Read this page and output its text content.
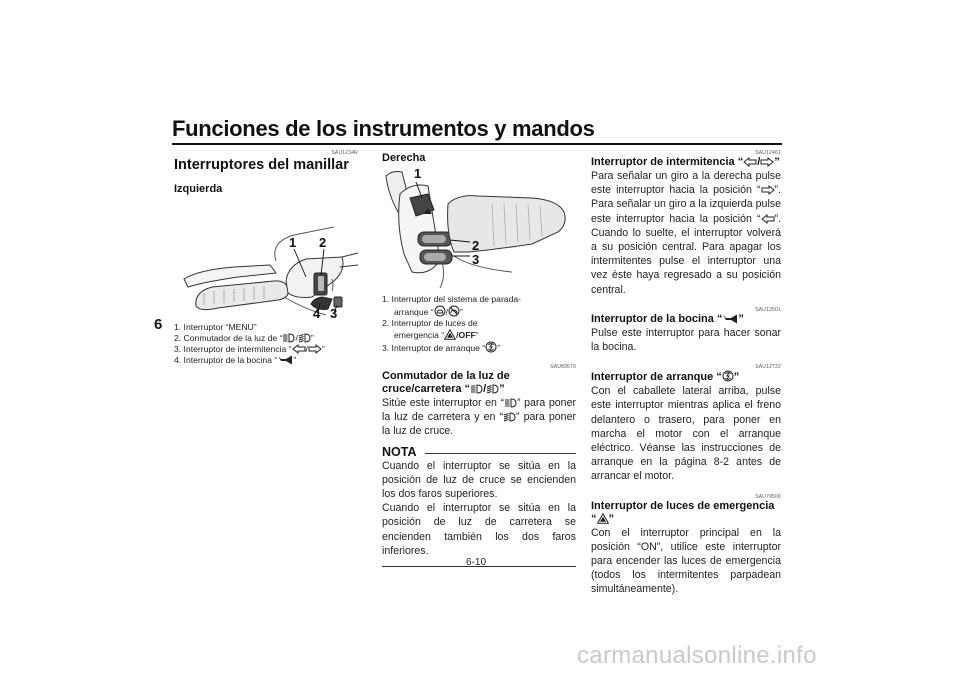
Funciones de los instrumentos y mandos
6
SAU1234R
Interruptores del manillar
Izquierda
1 2
4 3
1. Interruptor “MENU”
2. Conmutador de la luz de “ / ”
3. Interruptor de intermitencia “ / ”
4. Interruptor de la bocina “ ”
Derecha
1
2
3
1. Interruptor del sistema de parada-
arranque “ / ”
2. Interruptor de luces de
emergencia “ /OFF”
3. Interruptor de arranque “ ”
SAU89570
Conmutador de la luz de
cruce/carretera “ / ”
Sitúe este interruptor en “ ” para poner la luz de carretera y en “ ” para poner la luz de cruce.
NOTA
Cuando el interruptor se sitúa en la posición de luz de cruce se encienden los dos faros superiores.
Cuando el interruptor se sitúa en la posición de luz de carretera se encienden también los dos faros inferiores.
SAU12461
Interruptor de intermitencia “ / ”
Para señalar un giro a la derecha pulse este interruptor hacia la posición “ ”. Para señalar un giro a la izquierda pulse este interruptor hacia la posición “ ”. Cuando lo suelte, el interruptor volverá a su posición central. Para apagar los intermitentes pulse el interruptor una vez éste haya regresado a su posición central.
SAU12501
Interruptor de la bocina “ ”
Pulse este interruptor para hacer sonar la bocina.
SAU12722
Interruptor de arranque “ ”
Con el caballete lateral arriba, pulse este interruptor mientras aplica el freno delantero o trasero, para poner en marcha el motor con el arranque eléctrico. Véanse las instrucciones de arranque en la página 8-2 antes de arrancar el motor.
SAU79500
Interruptor de luces de emergencia “ ”
Con el interruptor principal en la posición “ON”, utilice este interruptor para encender las luces de emergencia (todos los intermitentes parpadean simultáneamente).
6-10
carmanualsonline.info
